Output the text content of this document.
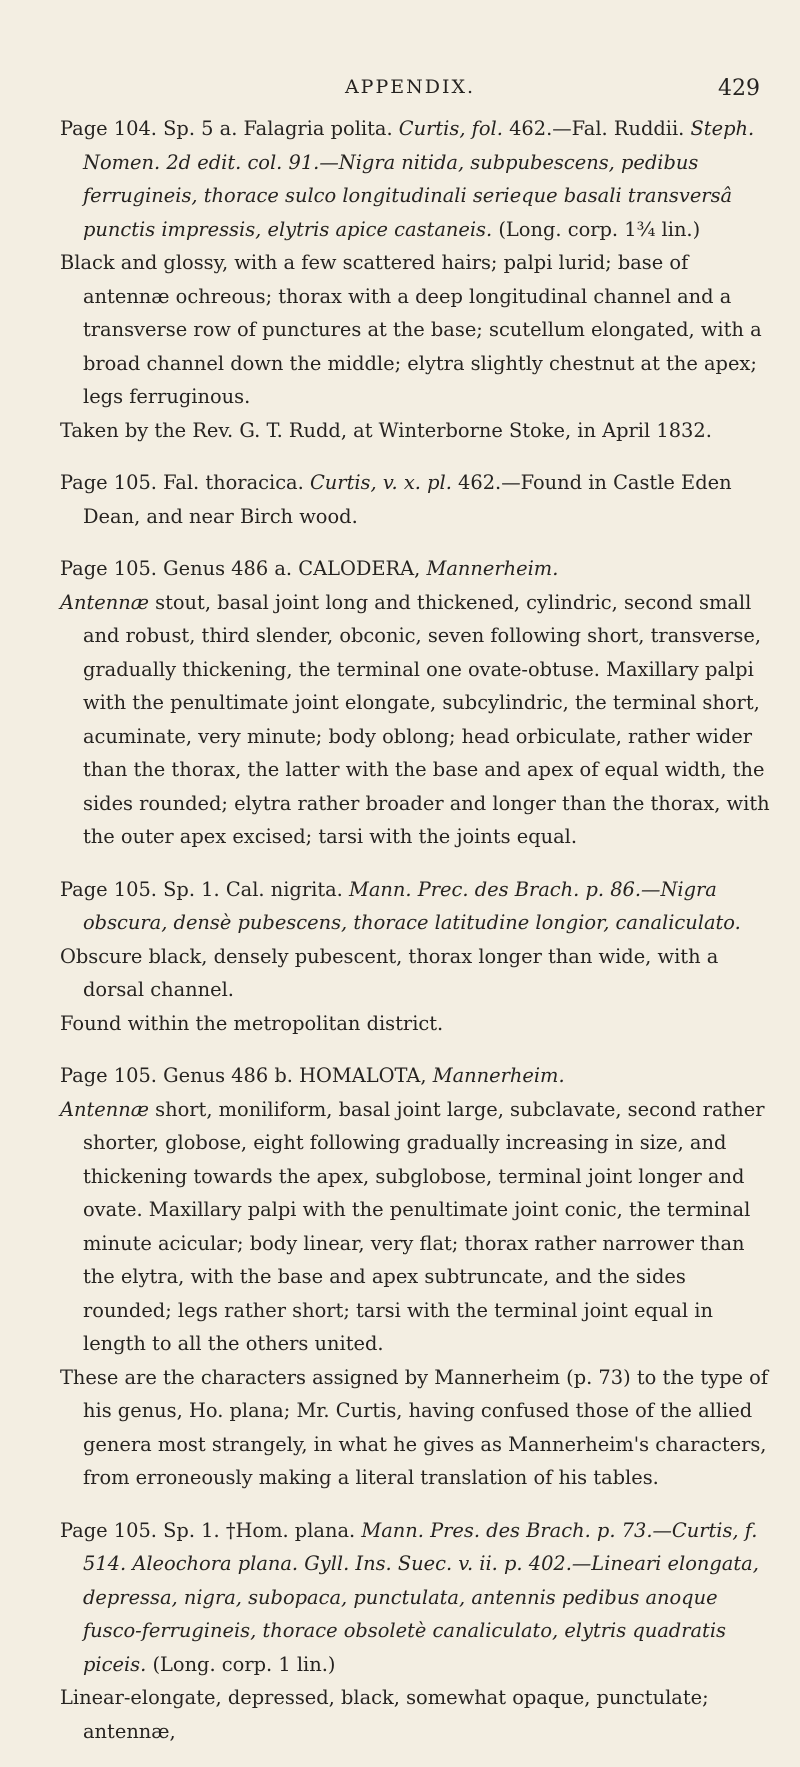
APPENDIX.	429

Page 104. Sp. 5 a. Falagria polita. Curtis, fol. 462.—Fal. Ruddii. Steph. Nomen. 2d edit. col. 91.—Nigra nitida, subpubescens, pedibus ferrugineis, thorace sulco longitudinali serieque basali transversâ punctis impressis, elytris apice castaneis. (Long. corp. 1¾ lin.)

Black and glossy, with a few scattered hairs; palpi lurid; base of antennæ ochreous; thorax with a deep longitudinal channel and a transverse row of punctures at the base; scutellum elongated, with a broad channel down the middle; elytra slightly chestnut at the apex; legs ferruginous.

Taken by the Rev. G. T. Rudd, at Winterborne Stoke, in April 1832.

Page 105. Fal. thoracica. Curtis, v. x. pl. 462.—Found in Castle Eden Dean, and near Birch wood.

Page 105. Genus 486 a. CALODERA, Mannerheim.

Antennæ stout, basal joint long and thickened, cylindric, second small and robust, third slender, obconic, seven following short, transverse, gradually thickening, the terminal one ovate-obtuse. Maxillary palpi with the penultimate joint elongate, subcylindric, the terminal short, acuminate, very minute; body oblong; head orbiculate, rather wider than the thorax, the latter with the base and apex of equal width, the sides rounded; elytra rather broader and longer than the thorax, with the outer apex excised; tarsi with the joints equal.

Page 105. Sp. 1. Cal. nigrita. Mann. Prec. des Brach. p. 86.—Nigra obscura, densè pubescens, thorace latitudine longior, canaliculato.

Obscure black, densely pubescent, thorax longer than wide, with a dorsal channel.

Found within the metropolitan district.

Page 105. Genus 486 b. HOMALOTA, Mannerheim.

Antennæ short, moniliform, basal joint large, subclavate, second rather shorter, globose, eight following gradually increasing in size, and thickening towards the apex, subglobose, terminal joint longer and ovate. Maxillary palpi with the penultimate joint conic, the terminal minute acicular; body linear, very flat; thorax rather narrower than the elytra, with the base and apex subtruncate, and the sides rounded; legs rather short; tarsi with the terminal joint equal in length to all the others united.

These are the characters assigned by Mannerheim (p. 73) to the type of his genus, Ho. plana; Mr. Curtis, having confused those of the allied genera most strangely, in what he gives as Mannerheim's characters, from erroneously making a literal translation of his tables.

Page 105. Sp. 1. †Hom. plana. Mann. Pres. des Brach. p. 73.—Curtis, f. 514. Aleochora plana. Gyll. Ins. Suec. v. ii. p. 402.—Lineari elongata, depressa, nigra, subopaca, punctulata, antennis pedibus anoque fusco-ferrugineis, thorace obsoletè canaliculato, elytris quadratis piceis. (Long. corp. 1 lin.)

Linear-elongate, depressed, black, somewhat opaque, punctulate; antennæ,
